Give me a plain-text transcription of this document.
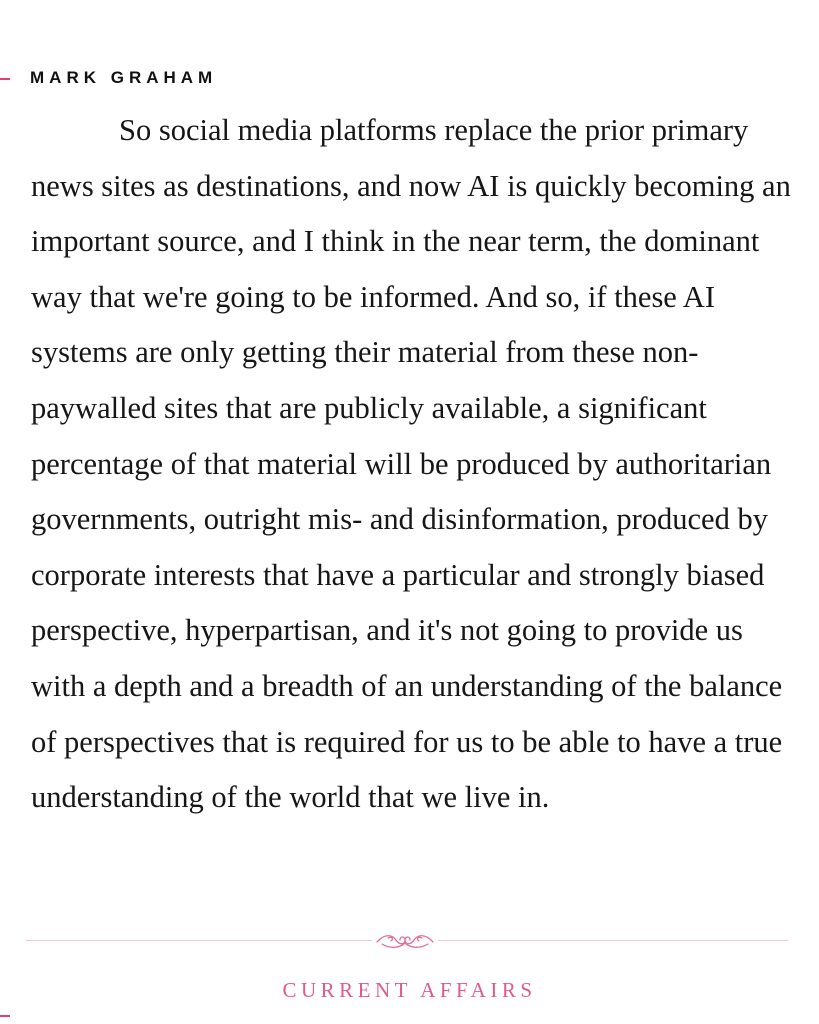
MARK GRAHAM

So social media platforms replace the prior primary news sites as destinations, and now AI is quickly becoming an important source, and I think in the near term, the dominant way that we're going to be informed. And so, if these AI systems are only getting their material from these non-paywalled sites that are publicly available, a significant percentage of that material will be produced by authoritarian governments, outright mis- and disinformation, produced by corporate interests that have a particular and strongly biased perspective, hyperpartisan, and it's not going to provide us with a depth and a breadth of an understanding of the balance of perspectives that is required for us to be able to have a true understanding of the world that we live in.

CURRENT AFFAIRS
